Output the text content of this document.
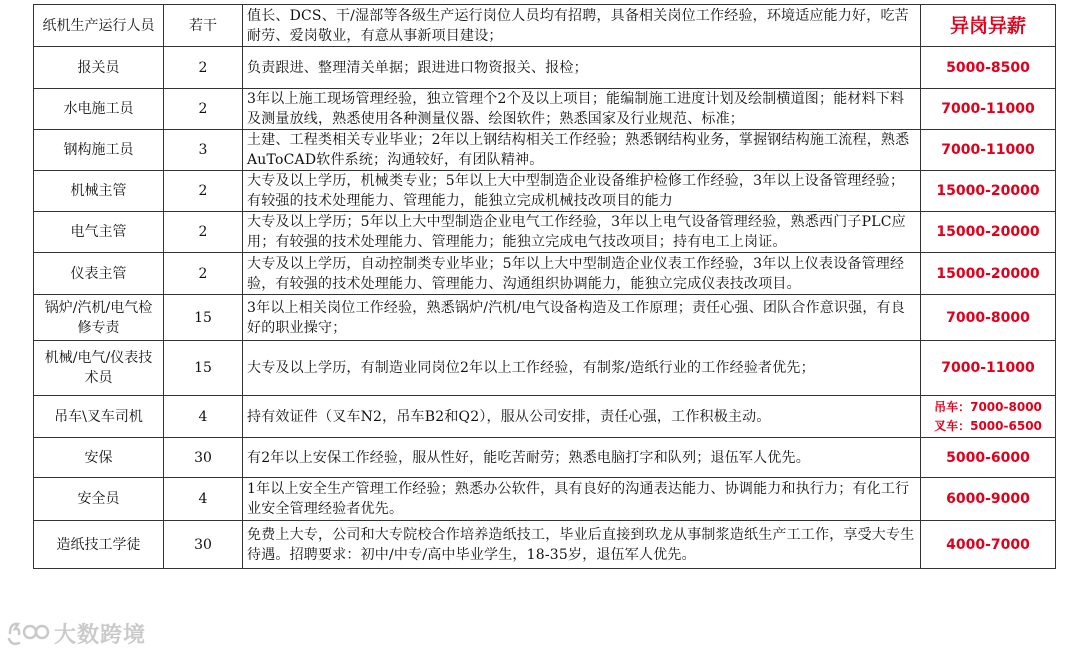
纸机生产运行人员	若干	值长、DCS、干/湿部等各级生产运行岗位人员均有招聘，具备相关岗位工作经验，环境适应能力好，吃苦耐劳、爱岗敬业，有意从事新项目建设；	异岗异薪
报关员	2	负责跟进、整理清关单据；跟进进口物资报关、报检；	5000-8500
水电施工员	2	3年以上施工现场管理经验，独立管理个2个及以上项目；能编制施工进度计划及绘制横道图；能材料下料及测量放线，熟悉使用各种测量仪器、绘图软件；熟悉国家及行业规范、标准；	7000-11000
钢构施工员	3	土建、工程类相关专业毕业；2年以上钢结构相关工作经验；熟悉钢结构业务，掌握钢结构施工流程，熟悉AuToCAD软件系统；沟通较好，有团队精神。	7000-11000
机械主管	2	大专及以上学历，机械类专业；5年以上大中型制造企业设备维护检修工作经验，3年以上设备管理经验；有较强的技术处理能力、管理能力，能独立完成机械技改项目的能力	15000-20000
电气主管	2	大专及以上学历；5年以上大中型制造企业电气工作经验，3年以上电气设备管理经验，熟悉西门子PLC应用；有较强的技术处理能力、管理能力；能独立完成电气技改项目；持有电工上岗证。	15000-20000
仪表主管	2	大专及以上学历，自动控制类专业毕业；5年以上大中型制造企业仪表工作经验，3年以上仪表设备管理经验，有较强的技术处理能力、管理能力、沟通组织协调能力，能独立完成仪表技改项目。	15000-20000
锅炉/汽机/电气检修专责	15	3年以上相关岗位工作经验，熟悉锅炉/汽机/电气设备构造及工作原理；责任心强、团队合作意识强，有良好的职业操守；	7000-8000
机械/电气/仪表技术员	15	大专及以上学历，有制造业同岗位2年以上工作经验，有制浆/造纸行业的工作经验者优先；	7000-11000
吊车\叉车司机	4	持有效证件（叉车N2，吊车B2和Q2），服从公司安排，责任心强，工作积极主动。	吊车：7000-8000
叉车：5000-6500

安保	30	有2年以上安保工作经验，服从性好，能吃苦耐劳；熟悉电脑打字和队列；退伍军人优先。	5000-6000
安全员	4	1年以上安全生产管理工作经验；熟悉办公软件，具有良好的沟通表达能力、协调能力和执行力；有化工行业安全管理经验者优先。	6000-9000
造纸技工学徒	30	免费上大专，公司和大专院校合作培养造纸技工，毕业后直接到玖龙从事制浆造纸生产工工作，享受大专生待遇。招聘要求：初中/中专/高中毕业学生，18-35岁，退伍军人优先。	4000-7000
大数跨境
